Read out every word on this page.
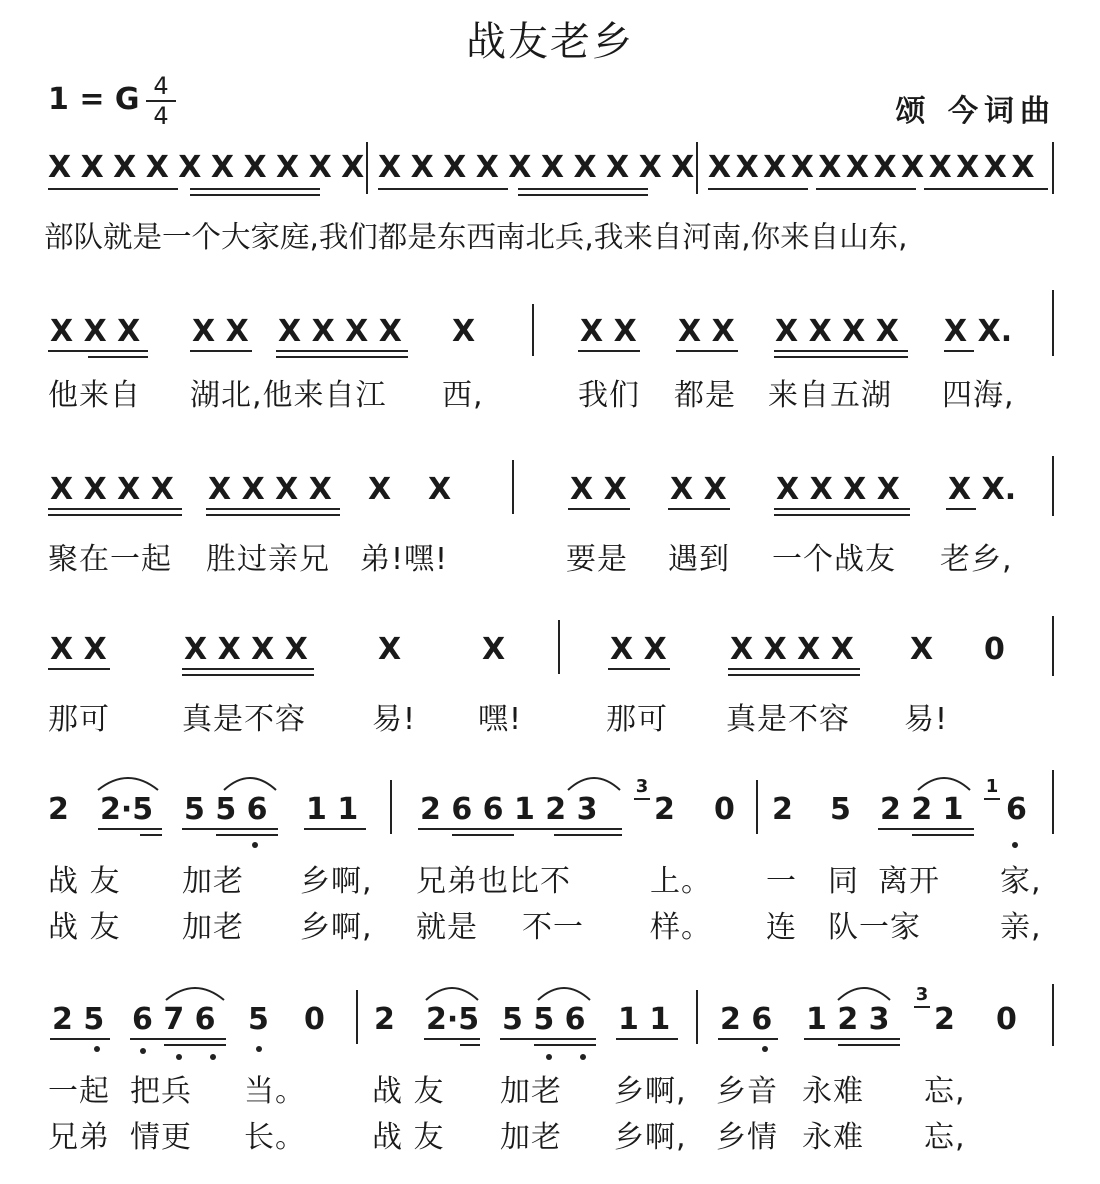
战友老乡
1 = G 4
4	颂 今词曲
X X X X X X X X X X X X X X X X X X X X X X X X X X X X X X X X
部队就是一个大家庭,我们都是东西南北兵,我来自河南,你来自山东,
X X X X X X X X X X	X X X X X X X X X X.
他来自 湖北,他来自江 西,	我们 都是 来自五湖 四海,
X X X X X X X X X X	X X X X X X X X X X.
聚在一起 胜过亲兄 弟!嘿!	要是 遇到 一个战友 老乡,
X X	X X X X X	X	X X X X X X X 0
那可 真是不容 易! 嘿!	那可 真是不容 易!
2 2·5 5 5 6 1 1 2 6 6 1 2 3 2 0 2 5 2 2 1 6
3	1
战 友 加老 乡啊, 兄弟也比不	上。 一 同 离开 家,
战 友 加老 乡啊, 就是 不一 样。 连 队一家	亲,
2 5 6 7 6 5 0 2 2·5 5 5 6 1 1 2 6 1 2 3 2 0
3
一起 把兵 当。 战 友 加老 乡啊, 乡音 永难 忘,
兄弟 情更 长。 战 友 加老 乡啊, 乡情 永难 忘,
